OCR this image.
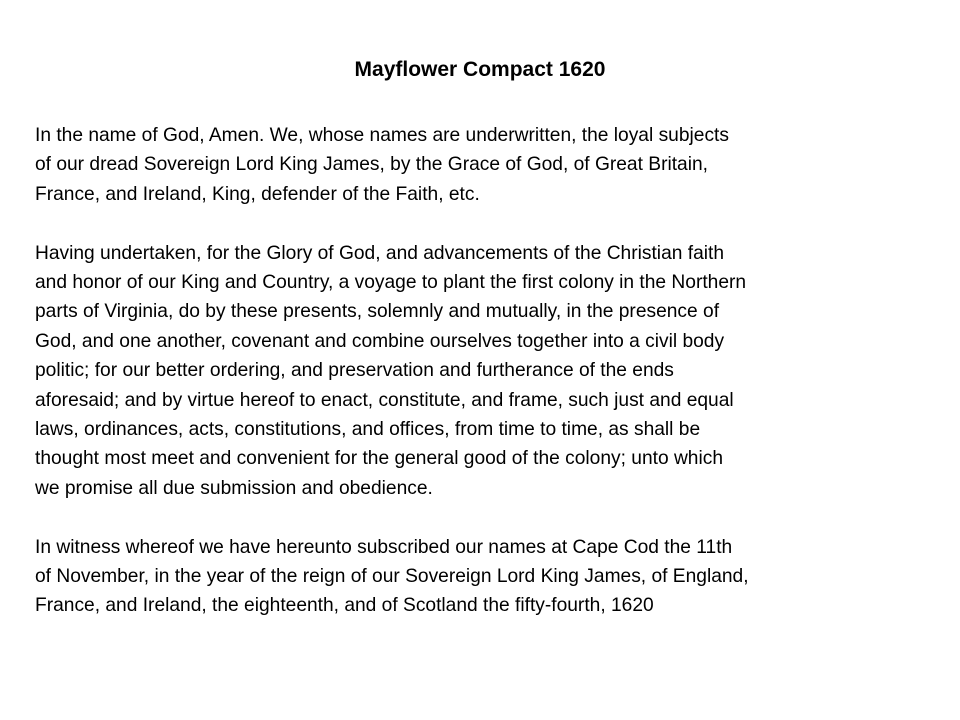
Mayflower Compact 1620
In the name of God, Amen. We, whose names are underwritten, the loyal subjects
of our dread Sovereign Lord King James, by the Grace of God, of Great Britain,
France, and Ireland, King, defender of the Faith, etc.
Having undertaken, for the Glory of God, and advancements of the Christian faith
and honor of our King and Country, a voyage to plant the first colony in the Northern
parts of Virginia, do by these presents, solemnly and mutually, in the presence of
God, and one another, covenant and combine ourselves together into a civil body
politic; for our better ordering, and preservation and furtherance of the ends
aforesaid; and by virtue hereof to enact, constitute, and frame, such just and equal
laws, ordinances, acts, constitutions, and offices, from time to time, as shall be
thought most meet and convenient for the general good of the colony; unto which
we promise all due submission and obedience.
In witness whereof we have hereunto subscribed our names at Cape Cod the 11th
of November, in the year of the reign of our Sovereign Lord King James, of England,
France, and Ireland, the eighteenth, and of Scotland the fifty-fourth, 1620
